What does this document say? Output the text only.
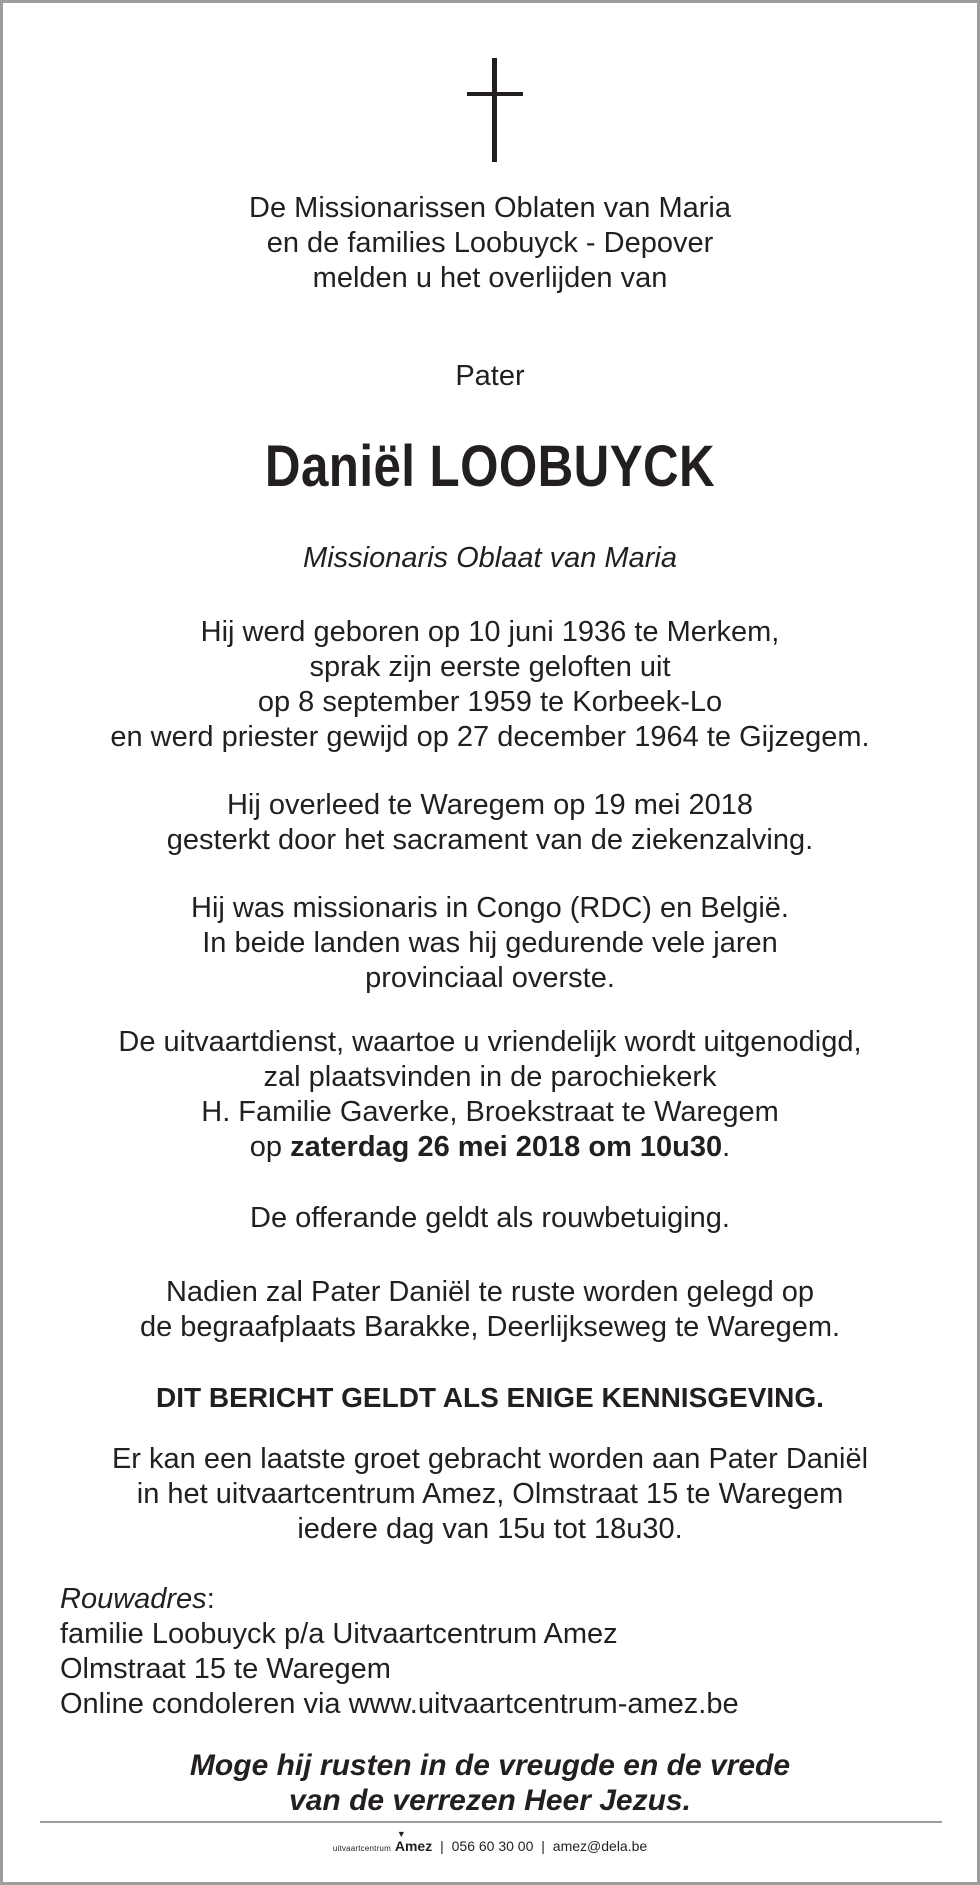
De Missionarissen Oblaten van Maria
en de families Loobuyck - Depover
melden u het overlijden van
Pater
Daniël LOOBUYCK
Missionaris Oblaat van Maria
Hij werd geboren op 10 juni 1936 te Merkem,
sprak zijn eerste geloften uit
op 8 september 1959 te Korbeek-Lo
en werd priester gewijd op 27 december 1964 te Gijzegem.
Hij overleed te Waregem op 19 mei 2018
gesterkt door het sacrament van de ziekenzalving.
Hij was missionaris in Congo (RDC) en België.
In beide landen was hij gedurende vele jaren
provinciaal overste.
De uitvaartdienst, waartoe u vriendelijk wordt uitgenodigd,
zal plaatsvinden in de parochiekerk
H. Familie Gaverke, Broekstraat te Waregem
op zaterdag 26 mei 2018 om 10u30.
De offerande geldt als rouwbetuiging.
Nadien zal Pater Daniël te ruste worden gelegd op
de begraafplaats Barakke, Deerlijkseweg te Waregem.
DIT BERICHT GELDT ALS ENIGE KENNISGEVING.
Er kan een laatste groet gebracht worden aan Pater Daniël
in het uitvaartcentrum Amez, Olmstraat 15 te Waregem
iedere dag van 15u tot 18u30.
Rouwadres:
familie Loobuyck p/a Uitvaartcentrum Amez
Olmstraat 15 te Waregem
Online condoleren via www.uitvaartcentrum-amez.be
Moge hij rusten in de vreugde en de vrede
van de verrezen Heer Jezus.
uitvaartcentrum
▼
Amez | 056 60 30 00 | amez@dela.be
